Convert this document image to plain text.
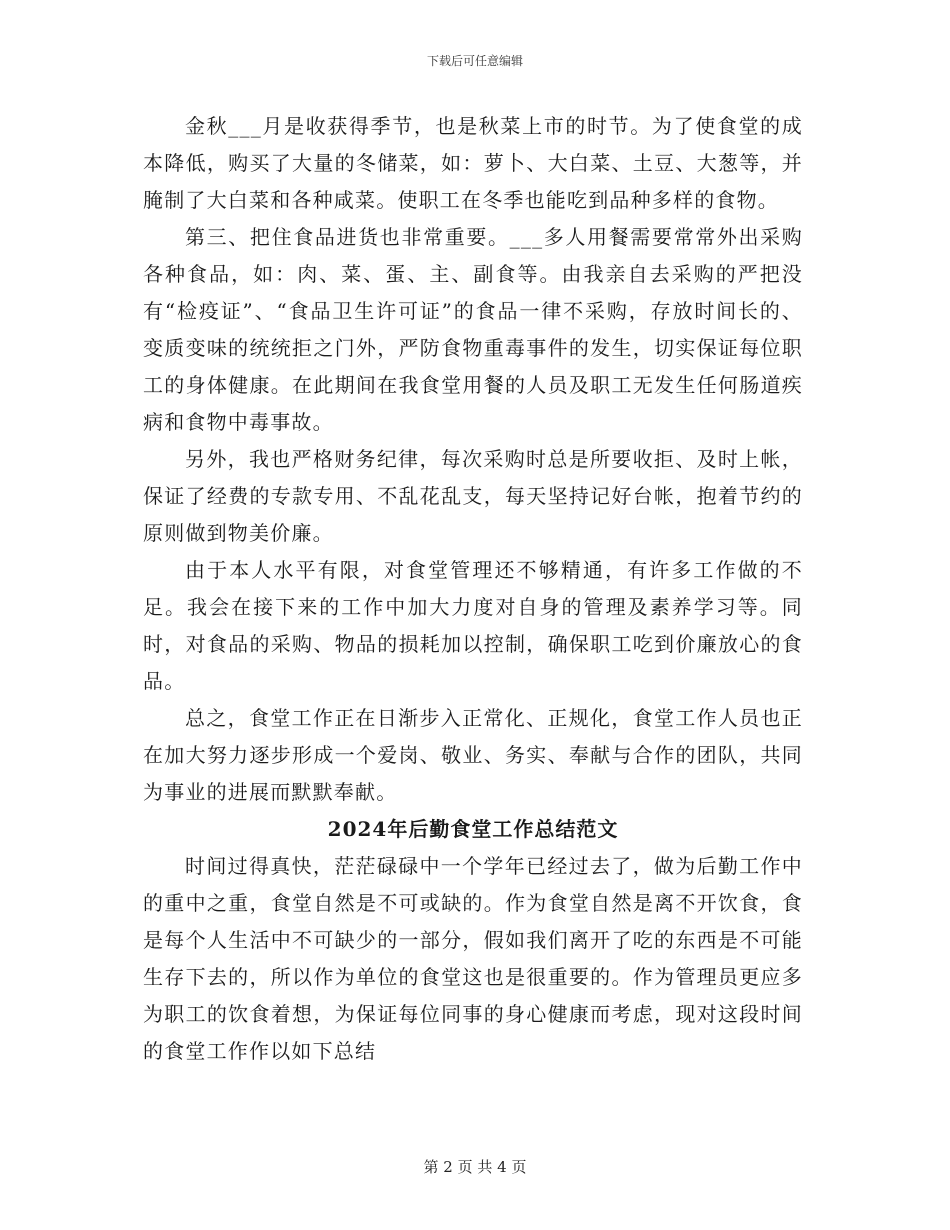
下载后可任意编辑

金秋___月是收获得季节，也是秋菜上市的时节。为了使食堂的成本降低，购买了大量的冬储菜，如：萝卜、大白菜、土豆、大葱等，并腌制了大白菜和各种咸菜。使职工在冬季也能吃到品种多样的食物。

第三、把住食品进货也非常重要。___多人用餐需要常常外出采购各种食品，如：肉、菜、蛋、主、副食等。由我亲自去采购的严把没有“检疫证”、“食品卫生许可证”的食品一律不采购，存放时间长的、变质变味的统统拒之门外，严防食物重毒事件的发生，切实保证每位职工的身体健康。在此期间在我食堂用餐的人员及职工无发生任何肠道疾病和食物中毒事故。

另外，我也严格财务纪律，每次采购时总是所要收拒、及时上帐，保证了经费的专款专用、不乱花乱支，每天坚持记好台帐，抱着节约的原则做到物美价廉。

由于本人水平有限，对食堂管理还不够精通，有许多工作做的不足。我会在接下来的工作中加大力度对自身的管理及素养学习等。同时，对食品的采购、物品的损耗加以控制，确保职工吃到价廉放心的食品。

总之，食堂工作正在日渐步入正常化、正规化，食堂工作人员也正在加大努力逐步形成一个爱岗、敬业、务实、奉献与合作的团队，共同为事业的进展而默默奉献。

2024年后勤食堂工作总结范文

时间过得真快，茫茫碌碌中一个学年已经过去了，做为后勤工作中的重中之重，食堂自然是不可或缺的。作为食堂自然是离不开饮食，食是每个人生活中不可缺少的一部分，假如我们离开了吃的东西是不可能生存下去的，所以作为单位的食堂这也是很重要的。作为管理员更应多为职工的饮食着想，为保证每位同事的身心健康而考虑，现对这段时间的食堂工作作以如下总结

第 2 页 共 4 页
